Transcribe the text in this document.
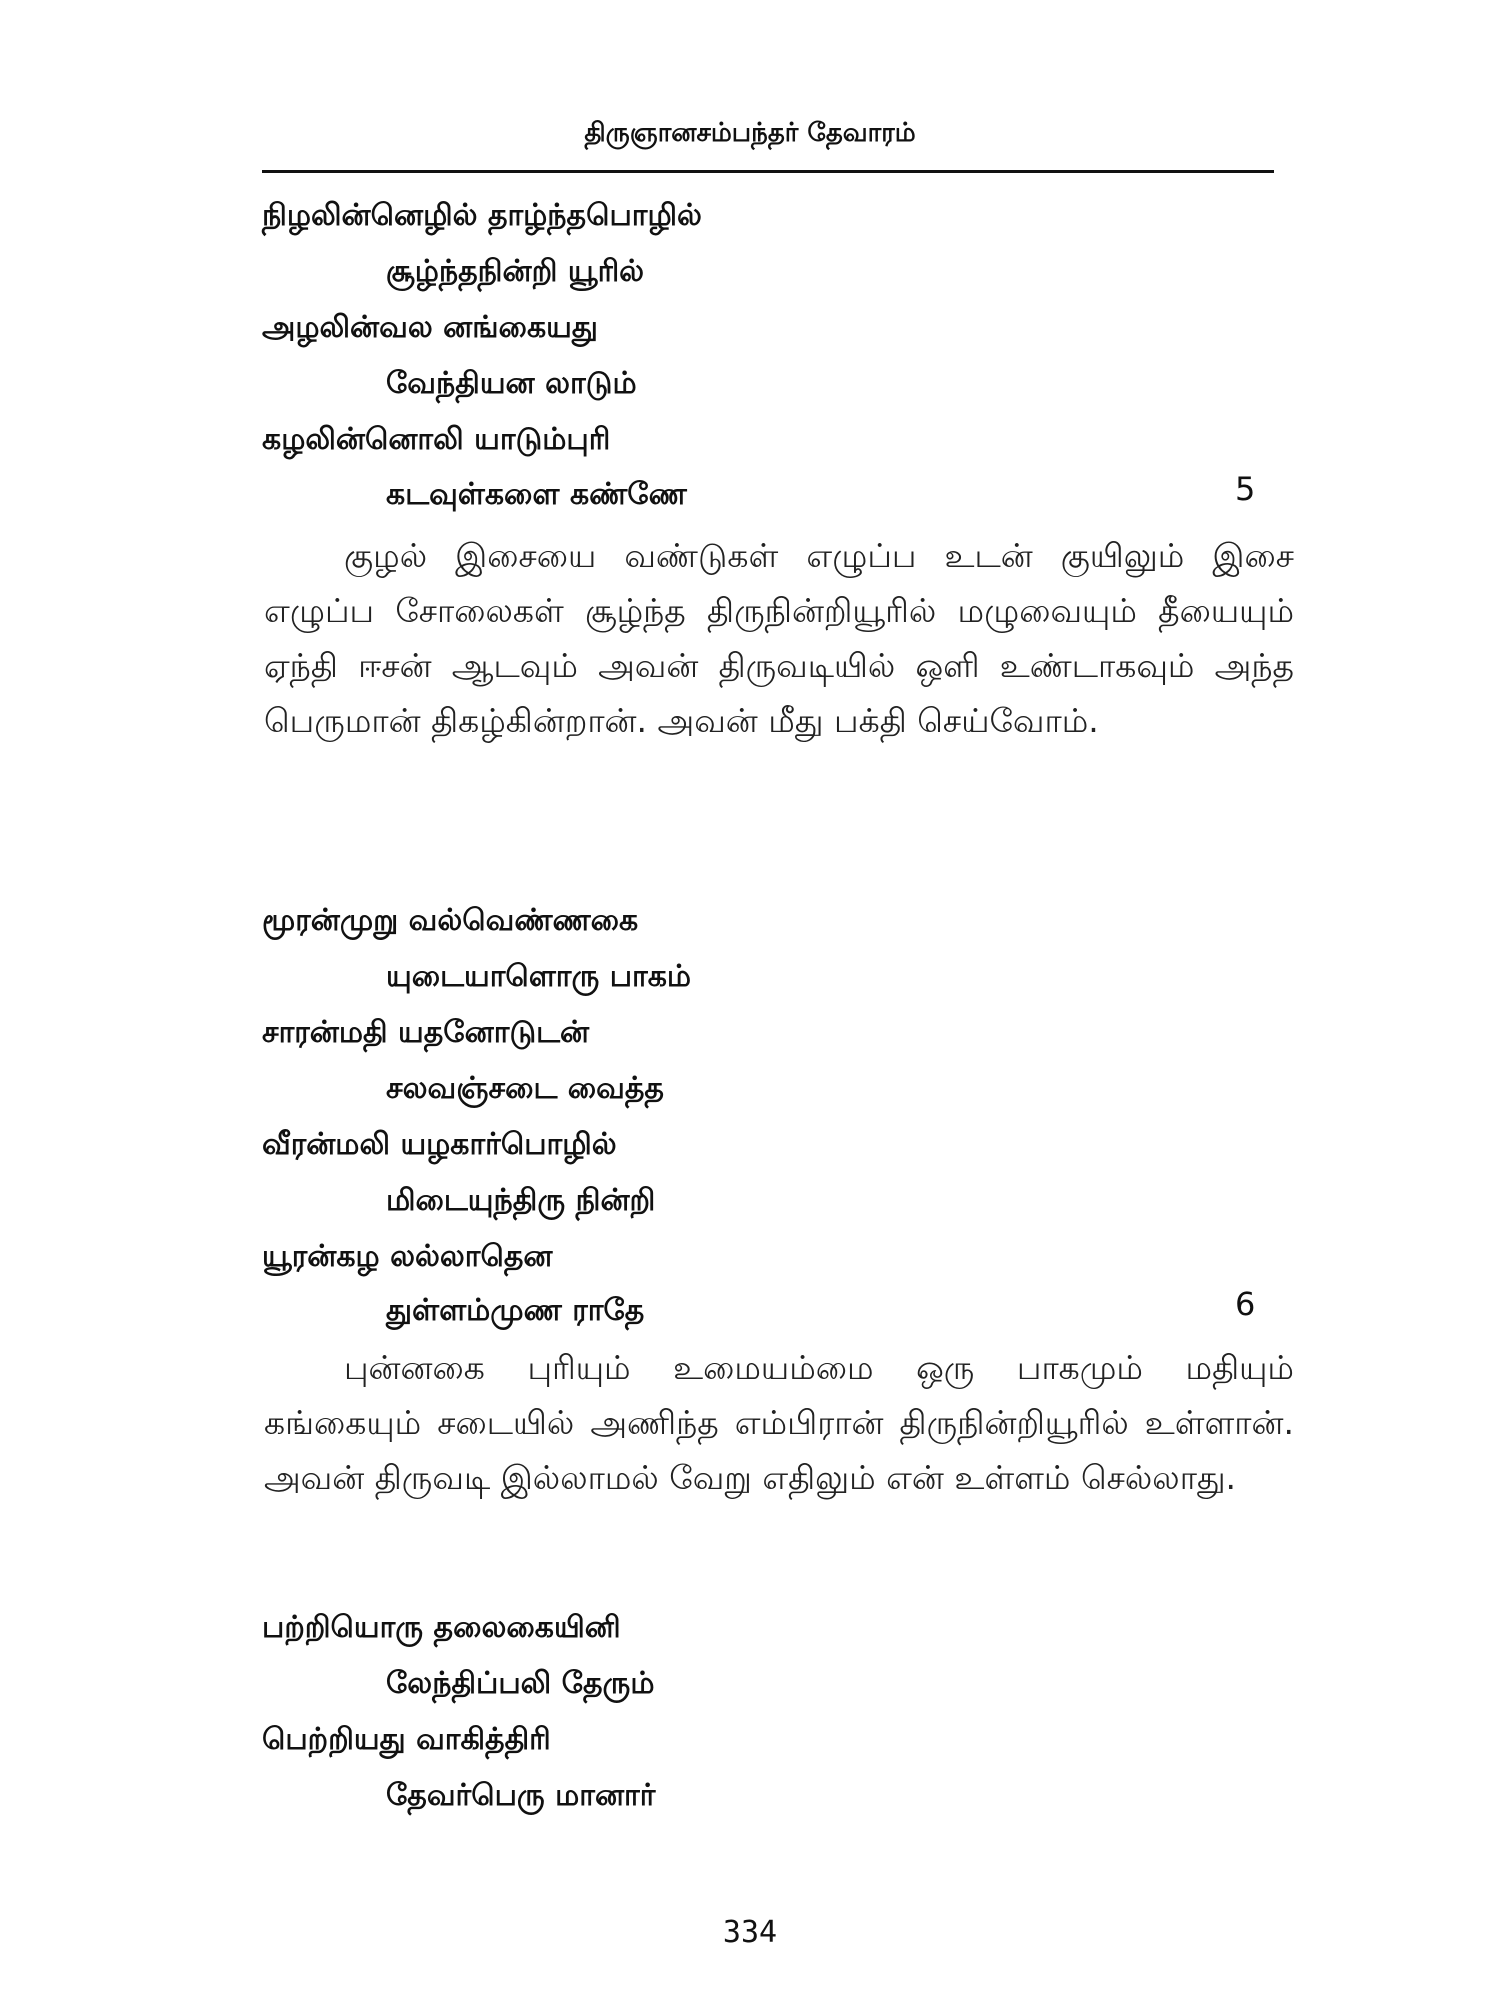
திருஞானசம்பந்தர் தேவாரம்
நிழலின்னெழில் தாழ்ந்தபொழில்
சூழ்ந்தநின்றி யூரில்
அழலின்வல னங்கையது
வேந்தியன லாடும்
கழலின்னொலி யாடும்புரி
கடவுள்களை கண்ணே	5
குழல் இசையை வண்டுகள் எழுப்ப உடன் குயிலும் இசை எழுப்ப சோலைகள் சூழ்ந்த திருநின்றியூரில் மழுவையும் தீயையும் ஏந்தி ஈசன் ஆடவும் அவன் திருவடியில் ஒளி உண்டாகவும் அந்த பெருமான் திகழ்கின்றான். அவன் மீது பக்தி செய்வோம்.
மூரன்முறு வல்வெண்ணகை
யுடையாளொரு பாகம்
சாரன்மதி யதனோடுடன்
சலவஞ்சடை வைத்த
வீரன்மலி யழகார்பொழில்
மிடையுந்திரு நின்றி
யூரன்கழ லல்லாதென
துள்ளம்முண ராதே	6
புன்னகை புரியும் உமையம்மை ஒரு பாகமும் மதியும் கங்கையும் சடையில் அணிந்த எம்பிரான் திருநின்றியூரில் உள்ளான். அவன் திருவடி இல்லாமல் வேறு எதிலும் என் உள்ளம் செல்லாது.
பற்றியொரு தலைகையினி
லேந்திப்பலி தேரும்
பெற்றியது வாகித்திரி
தேவர்பெரு மானார்
334
